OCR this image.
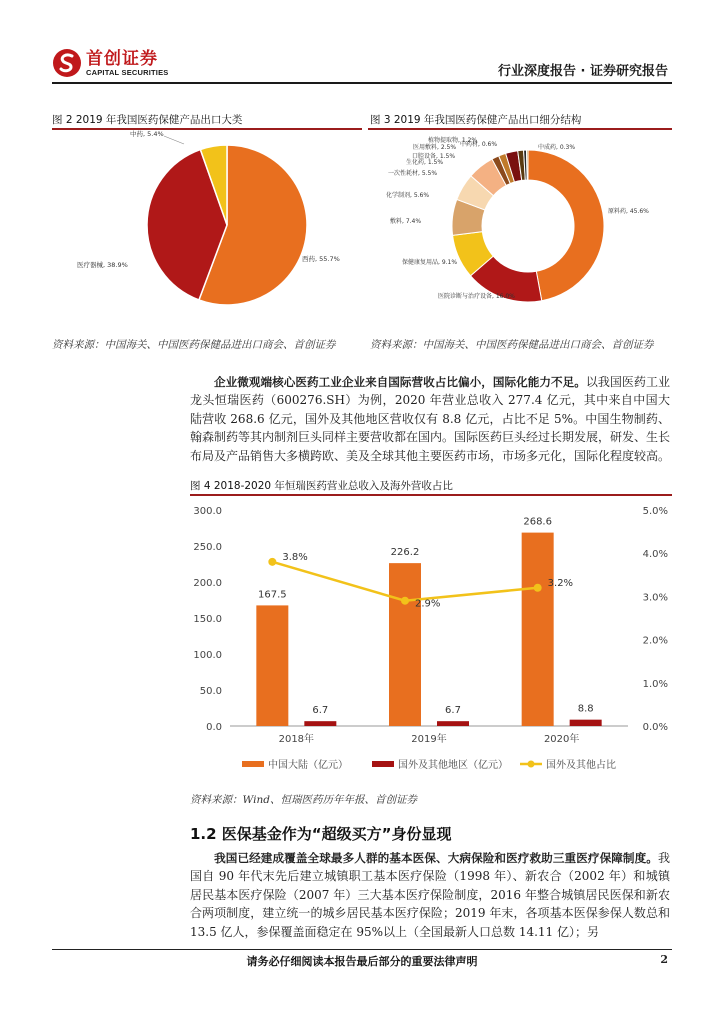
首创证券
CAPITAL SECURITIES	行业深度报告 · 证券研究报告
图 2 2019 年我国医药保健产品出口大类
西药, 55.7%
医疗器械, 38.9%
中药, 5.4%
资料来源：中国海关、中国医药保健品进出口商会、首创证券
图 3 2019 年我国医药保健产品出口细分结构
原料药, 45.6%
医院诊断与治疗设备, 16.0%
保健康复用品, 9.1%
敷料, 7.4%
化学制剂, 5.6%
一次性耗材, 5.5%
口腔设备, 1.5%
生化药, 1.5%
医用敷料, 2.5%
植物提取物, 1.2%
中药材, 0.6%	中成药, 0.3%
资料来源：中国海关、中国医药保健品进出口商会、首创证券
企业微观端核心医药工业企业来自国际营收占比偏小，国际化能力不足。以我国医药工业龙头恒瑞医药（600276.SH）为例，2020 年营业总收入 277.4 亿元，其中来自中国大陆营收 268.6 亿元，国外及其他地区营收仅有 8.8 亿元，占比不足 5%。中国生物制药、翰森制药等其内制剂巨头同样主要营收都在国内。国际医药巨头经过长期发展，研发、生长布局及产品销售大多横跨欧、美及全球其他主要医药市场，市场多元化，国际化程度较高。
图 4 2018-2020 年恒瑞医药营业总收入及海外营收占比
0.0
50.0
100.0
150.0
200.0
250.0
300.0
0.0%
1.0%
2.0%
3.0%
4.0%
5.0%
167.5
6.7
2018年
226.2
6.7
2019年
268.6
8.8
2020年
3.8%
2.9%
3.2%
中国大陆（亿元）	国外及其他地区（亿元）	国外及其他占比
资料来源：Wind、恒瑞医药历年年报、首创证券
1.2 医保基金作为“超级买方”身份显现
我国已经建成覆盖全球最多人群的基本医保、大病保险和医疗救助三重医疗保障制度。我国自 90 年代末先后建立城镇职工基本医疗保险（1998 年）、新农合（2002 年）和城镇居民基本医疗保险（2007 年）三大基本医疗保险制度，2016 年整合城镇居民医保和新农合两项制度，建立统一的城乡居民基本医疗保险；2019 年末，各项基本医保参保人数总和 13.5 亿人，参保覆盖面稳定在 95%以上（全国最新人口总数 14.11 亿）；另
请务必仔细阅读本报告最后部分的重要法律声明	2
